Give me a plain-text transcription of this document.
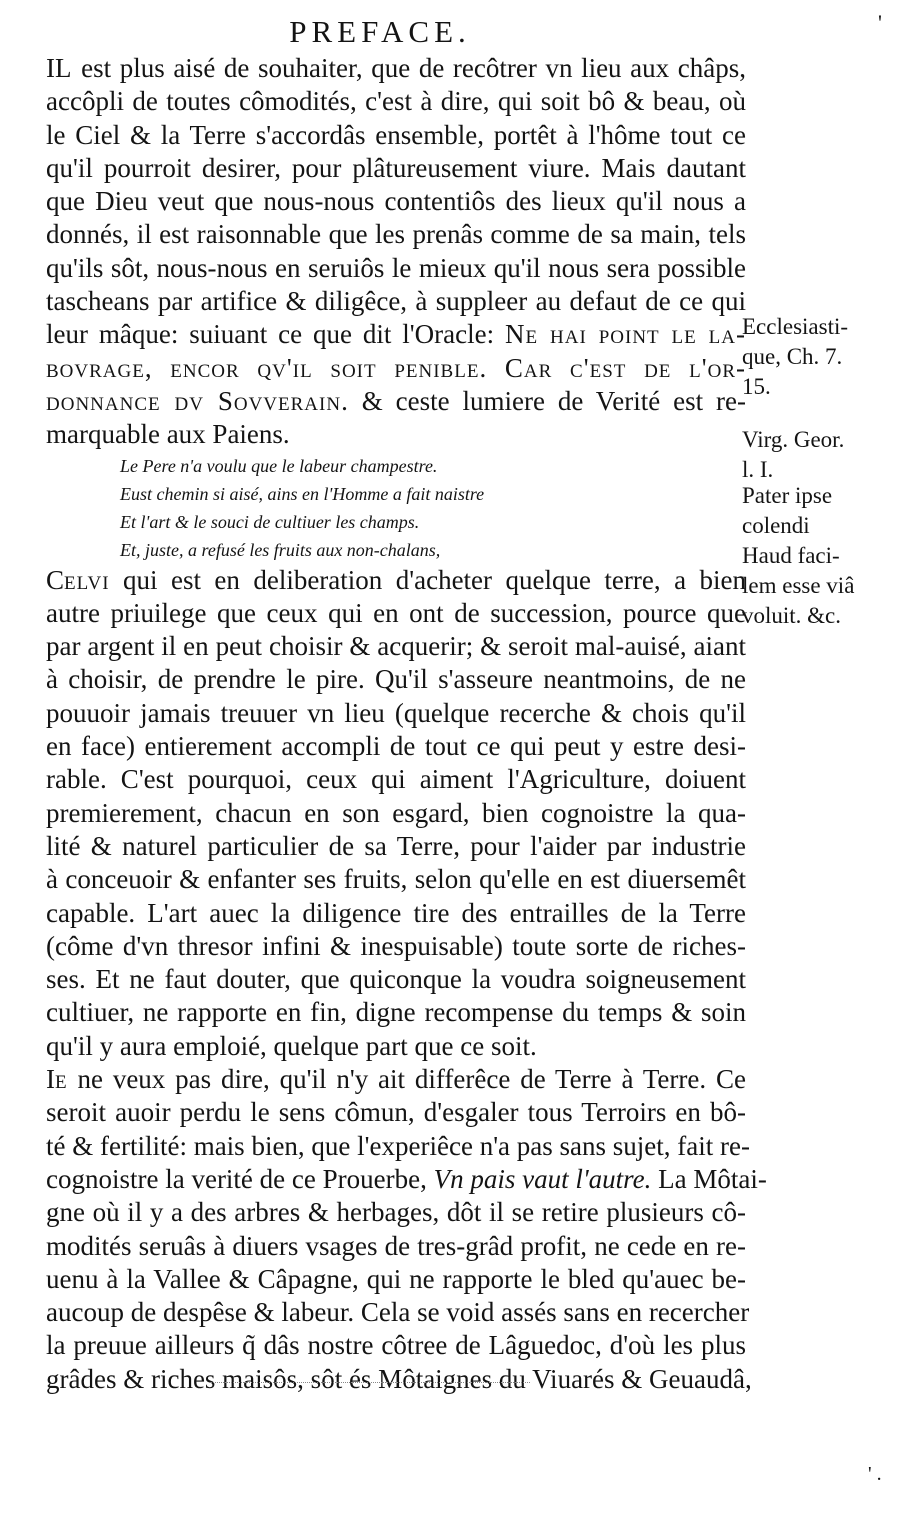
PREFACE.	'
IL est plus aisé de souhaiter, que de recôtrer vn lieu aux châps,
accôpli de toutes cômodités, c'est à dire, qui soit bô & beau, où
le Ciel & la Terre s'accordâs ensemble, portêt à l'hôme tout ce
qu'il pourroit desirer, pour plâtureusement viure. Mais dautant
que Dieu veut que nous-nous contentiôs des lieux qu'il nous a
donnés, il est raisonnable que les prenâs comme de sa main, tels
qu'ils sôt, nous-nous en seruiôs le mieux qu'il nous sera possible
tascheans par artifice & diligêce, à suppleer au defaut de ce qui
leur mâque: suiuant ce que dit l'Oracle: Ne hai point le la-
bovrage, encor qv'il soit penible. Car c'est de l'or-
donnance dv Sovverain. & ceste lumiere de Verité est re-
marquable aux Paiens.
Le Pere n'a voulu que le labeur champestre.
Eust chemin si aisé, ains en l'Homme a fait naistre
Et l'art & le souci de cultiuer les champs.
Et, juste, a refusé les fruits aux non-chalans,
Celvi qui est en deliberation d'acheter quelque terre, a bien
autre priuilege que ceux qui en ont de succession, pource que
par argent il en peut choisir & acquerir; & seroit mal-auisé, aiant
à choisir, de prendre le pire. Qu'il s'asseure neantmoins, de ne
pouuoir jamais treuuer vn lieu (quelque recerche & chois qu'il
en face) entierement accompli de tout ce qui peut y estre desi-
rable. C'est pourquoi, ceux qui aiment l'Agriculture, doiuent
premierement, chacun en son esgard, bien cognoistre la qua-
lité & naturel particulier de sa Terre, pour l'aider par industrie
à conceuoir & enfanter ses fruits, selon qu'elle en est diuersemêt
capable. L'art auec la diligence tire des entrailles de la Terre
(côme d'vn thresor infini & inespuisable) toute sorte de riches-
ses. Et ne faut douter, que quiconque la voudra soigneusement
cultiuer, ne rapporte en fin, digne recompense du temps & soin
qu'il y aura emploié, quelque part que ce soit.
Ie ne veux pas dire, qu'il n'y ait differêce de Terre à Terre. Ce
seroit auoir perdu le sens cômun, d'esgaler tous Terroirs en bô-
té & fertilité: mais bien, que l'experiêce n'a pas sans sujet, fait re-
cognoistre la verité de ce Prouerbe, Vn pais vaut l'autre. La Môtai-
gne où il y a des arbres & herbages, dôt il se retire plusieurs cô-
modités seruâs à diuers vsages de tres-grâd profit, ne cede en re-
uenu à la Vallee & Câpagne, qui ne rapporte le bled qu'auec be-
aucoup de despêse & labeur. Cela se void assés sans en recercher
la preuue ailleurs q̃ dâs nostre côtree de Lâguedoc, d'où les plus
grâdes & riches maisôs, sôt és Môtaignes du Viuarés & Geuaudâ,
Ecclesiasti-
que, Ch. 7.
15.
Virg. Geor.
l. I.
Pater ipse
colendi
Haud faci-
lem esse viâ
voluit. &c.
' .
